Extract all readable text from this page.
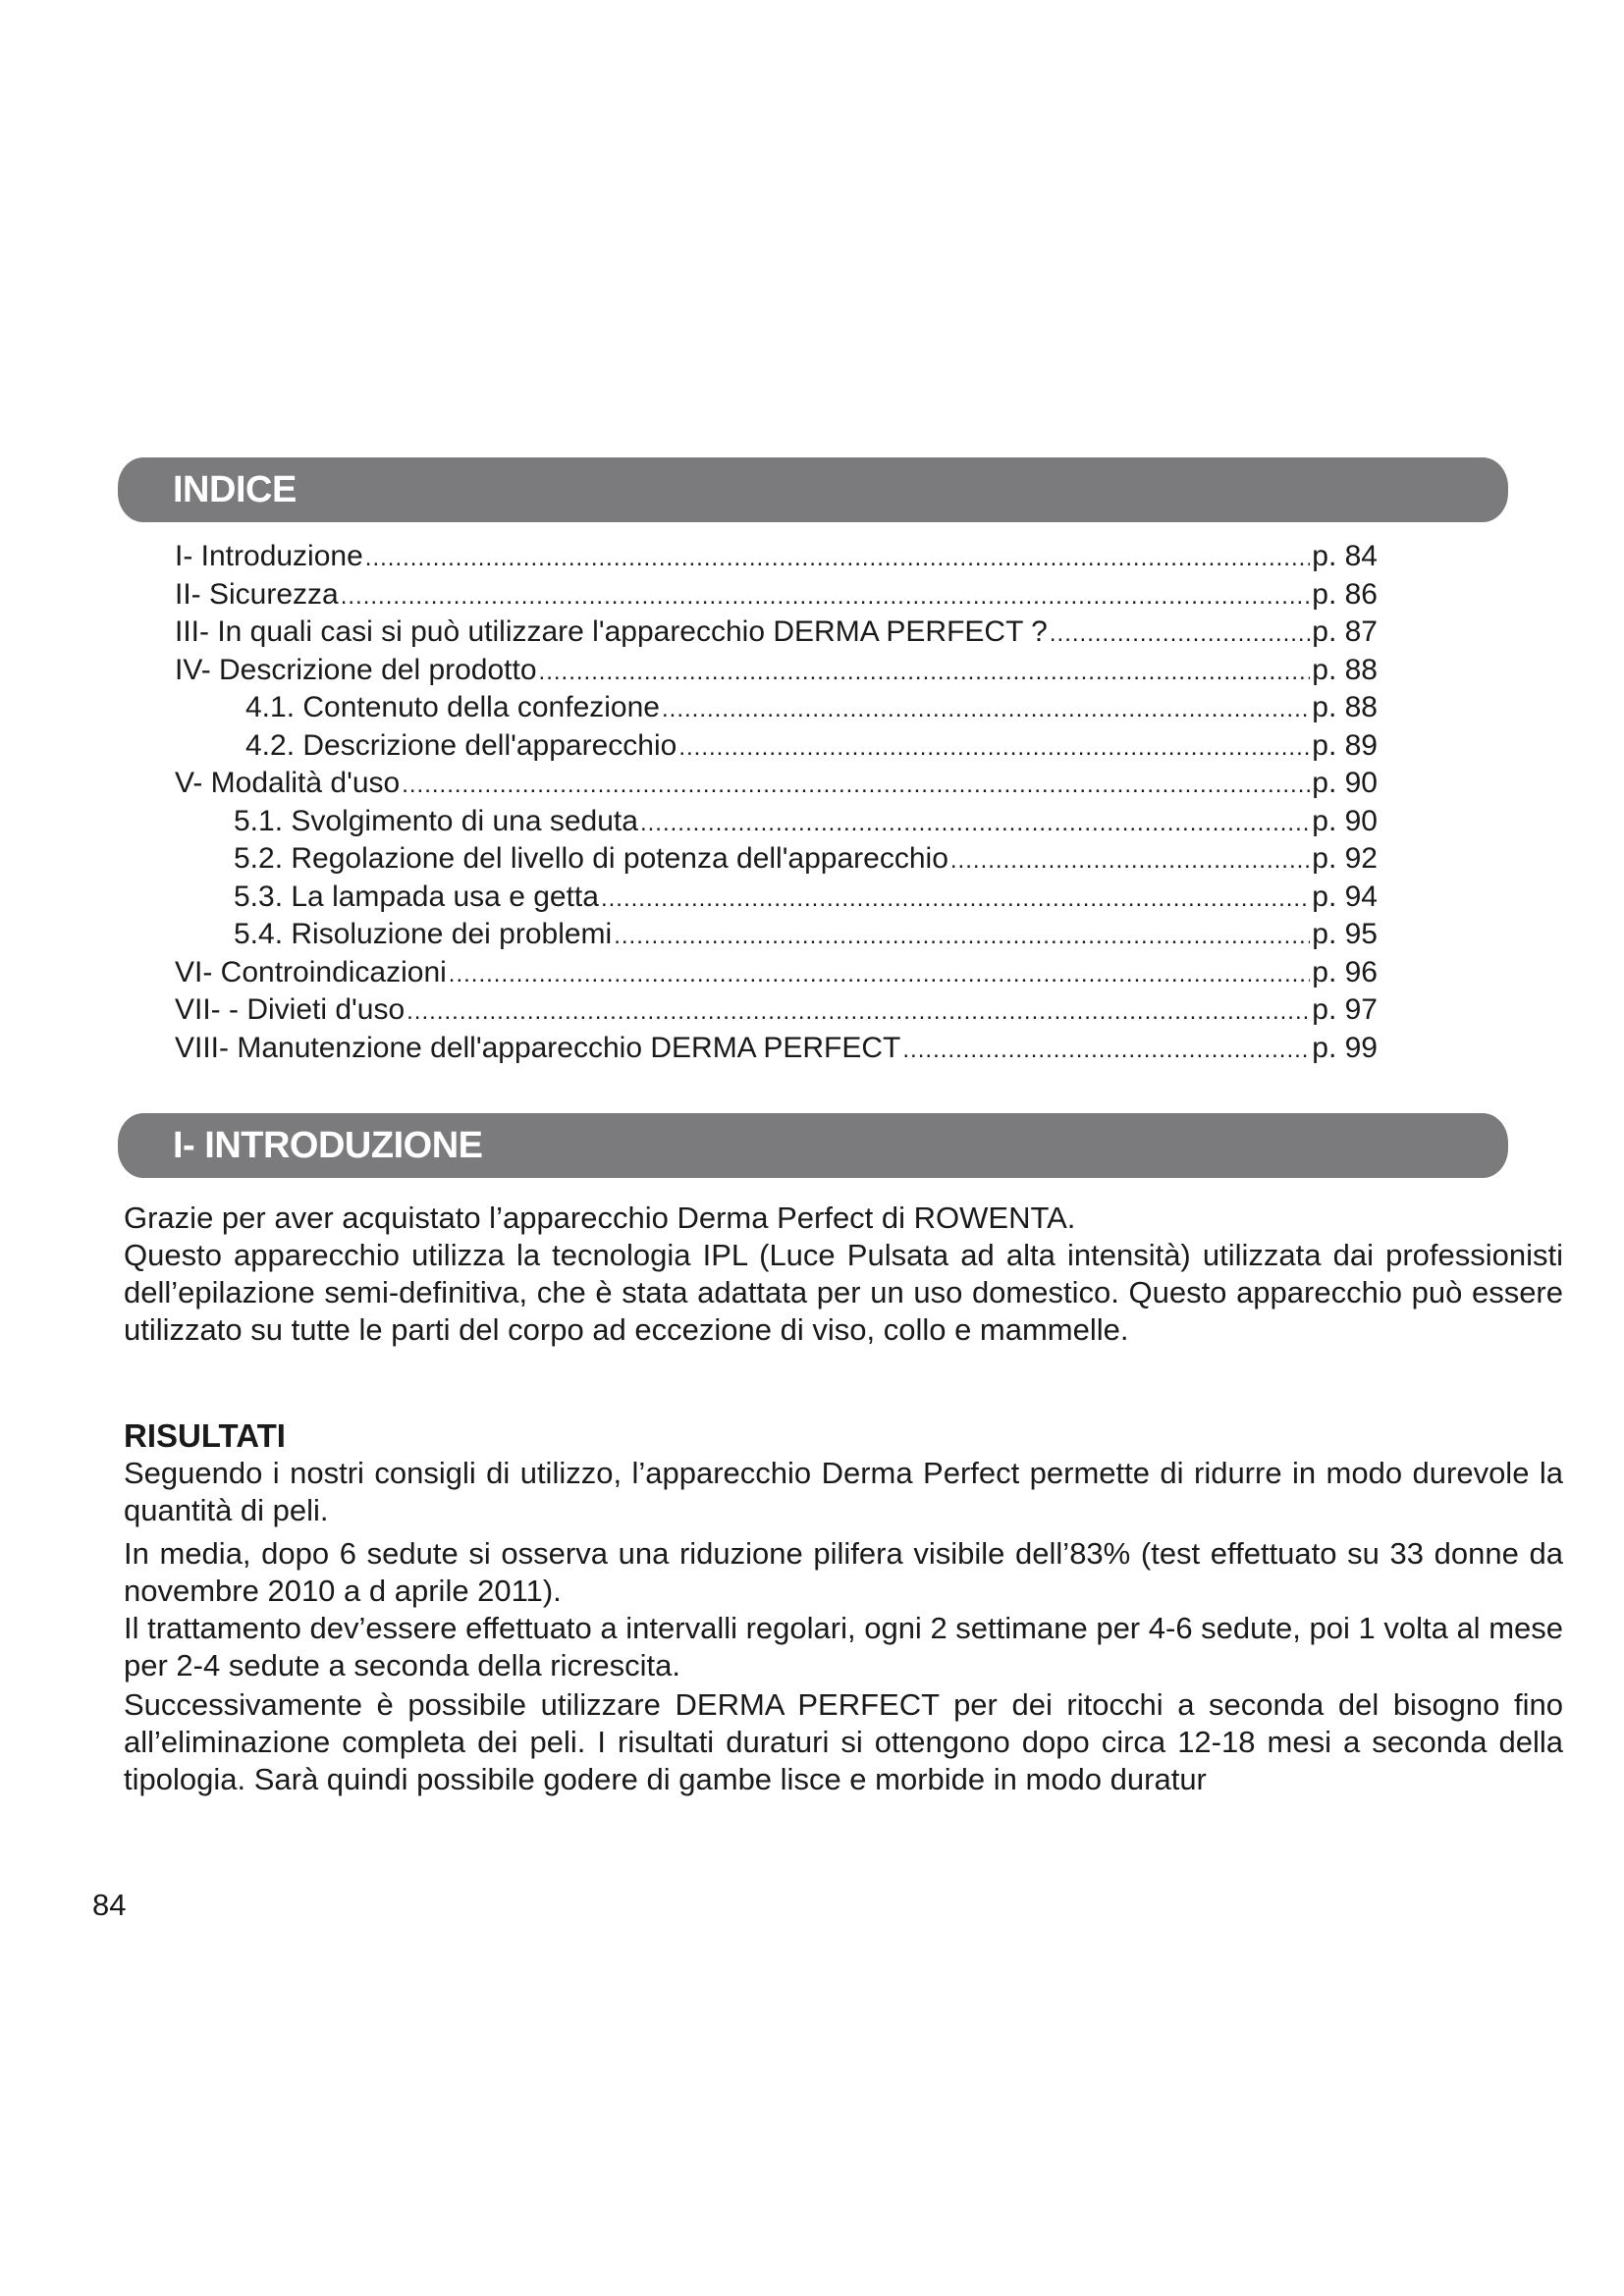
INDICE
I- Introduzione .....	p. 84
II- Sicurezza .....	p. 86
III- In quali casi si può utilizzare l'apparecchio DERMA PERFECT ? .....	p. 87
IV- Descrizione del prodotto .....	p. 88
4.1. Contenuto della confezione .....	p. 88
4.2. Descrizione dell'apparecchio .....	p. 89
V- Modalità d'uso .....	p. 90
5.1. Svolgimento di una seduta .....	p. 90
5.2. Regolazione del livello di potenza dell'apparecchio .....	p. 92
5.3. La lampada usa e getta .....	p. 94
5.4. Risoluzione dei problemi .....	p. 95
VI- Controindicazioni .....	p. 96
VII- - Divieti d'uso .....	p. 97
VIII- Manutenzione dell'apparecchio DERMA PERFECT .....	p. 99
I- INTRODUZIONE

Grazie per aver acquistato l’apparecchio Derma Perfect di ROWENTA.

Questo apparecchio utilizza la tecnologia IPL (Luce Pulsata ad alta intensità) utilizzata dai professionisti dell’epilazione semi-definitiva, che è stata adattata per un uso domestico. Questo apparecchio può essere utilizzato su tutte le parti del corpo ad eccezione di viso, collo e mammelle.

RISULTATI

Seguendo i nostri consigli di utilizzo, l’apparecchio Derma Perfect permette di ridurre in modo durevole la quantità di peli.

In media, dopo 6 sedute si osserva una riduzione pilifera visibile dell’83% (test effettuato su 33 donne da novembre 2010 a d aprile 2011).

Il trattamento dev’essere effettuato a intervalli regolari, ogni 2 settimane per 4-6 sedute, poi 1 volta al mese per 2-4 sedute a seconda della ricrescita.

Successivamente è possibile utilizzare DERMA PERFECT per dei ritocchi a seconda del bisogno fino all’eliminazione completa dei peli. I risultati duraturi si ottengono dopo circa 12-18 mesi a seconda della tipologia. Sarà quindi possibile godere di gambe lisce e morbide in modo duratur

84
